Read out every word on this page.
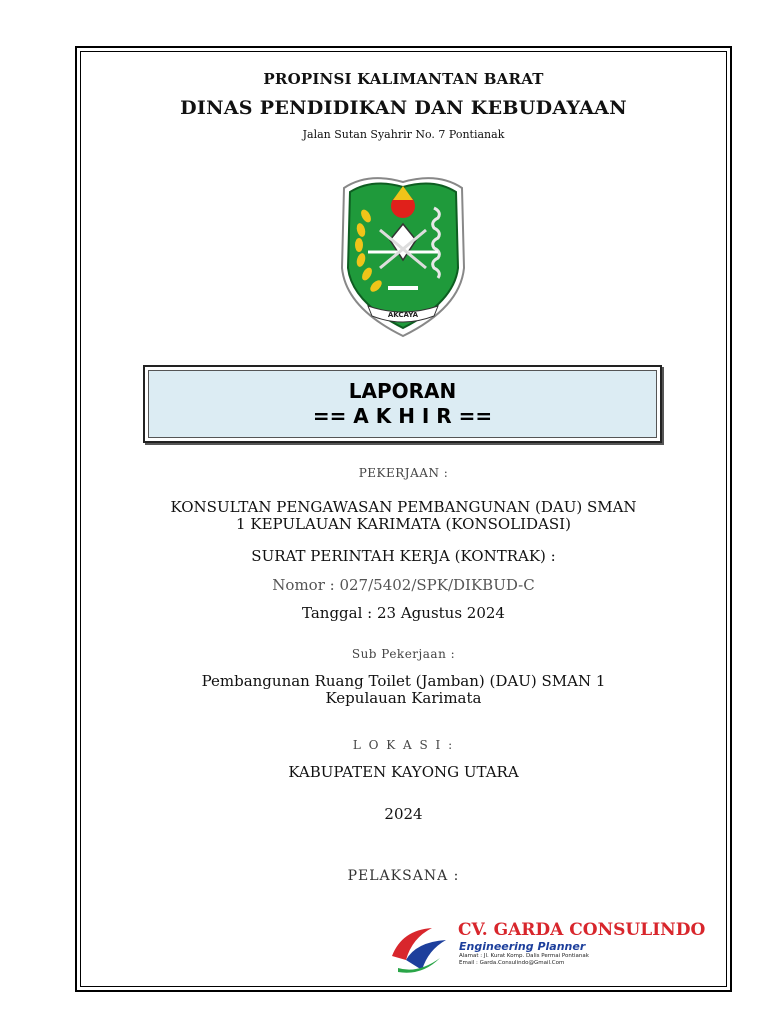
PROPINSI KALIMANTAN BARAT
DINAS PENDIDIKAN DAN KEBUDAYAAN
Jalan Sutan Syahrir No. 7 Pontianak
AKCAYA
LAPORAN
== A K H I R ==
PEKERJAAN :
KONSULTAN PENGAWASAN PEMBANGUNAN (DAU) SMAN
1 KEPULAUAN KARIMATA (KONSOLIDASI)
SURAT PERINTAH KERJA (KONTRAK) :
Nomor : 027/5402/SPK/DIKBUD-C
Tanggal : 23 Agustus 2024
Sub Pekerjaan :
Pembangunan Ruang Toilet (Jamban) (DAU) SMAN 1
Kepulauan Karimata
L O K A S I :
KABUPATEN KAYONG UTARA
2024
PELAKSANA :
CV. GARDA CONSULINDO
Engineering Planner
Alamat : Jl. Kurat Komp. Dalis Permai Pontianak
Email : Garda.Consulindo@Gmail.Com
